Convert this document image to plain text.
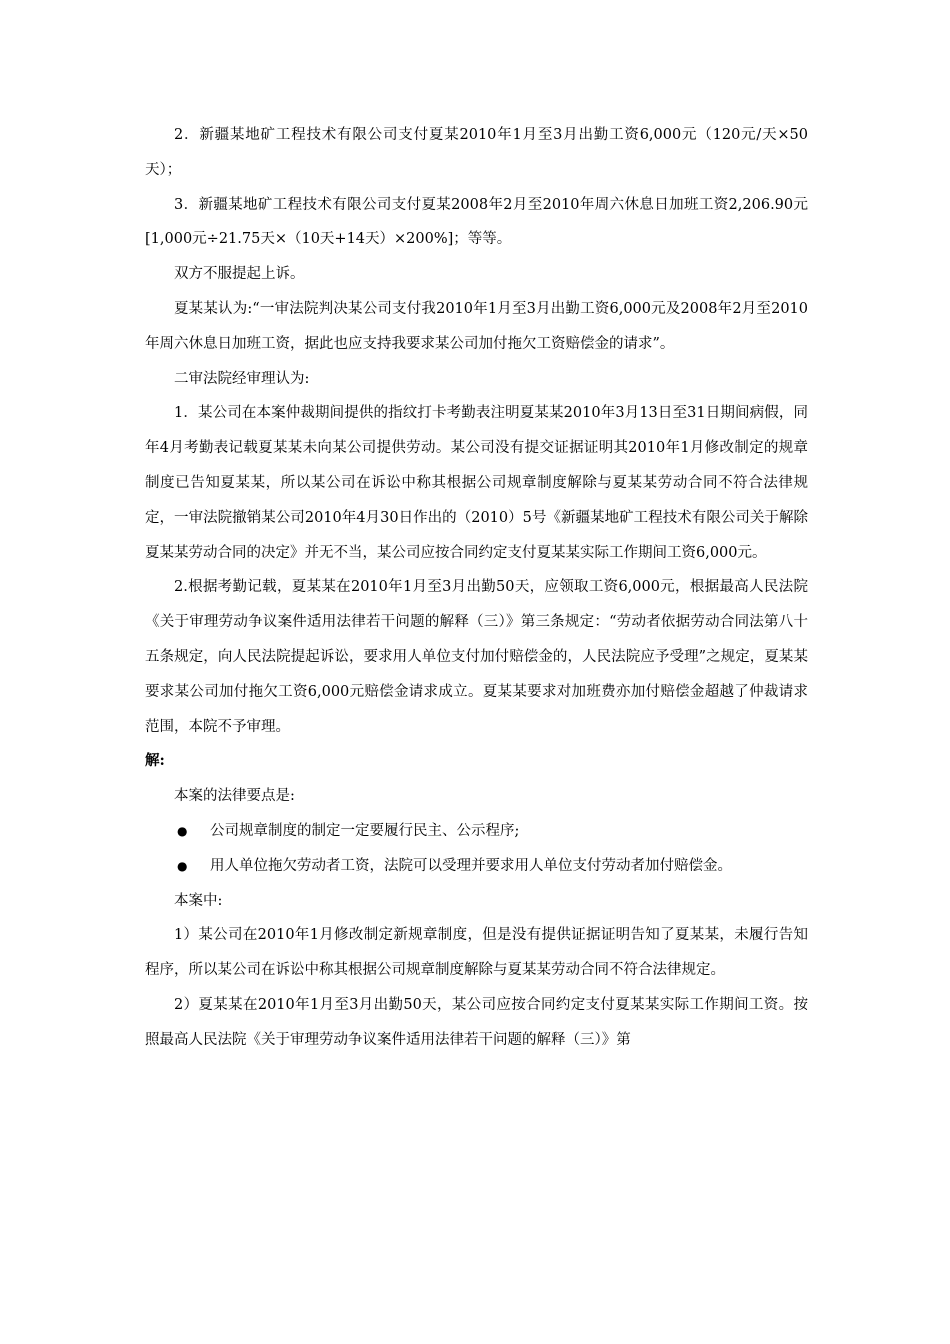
2．新疆某地矿工程技术有限公司支付夏某2010年1月至3月出勤工资6,000元（120元/天×50天）；

3．新疆某地矿工程技术有限公司支付夏某2008年2月至2010年周六休息日加班工资2,206.90元[1,000元÷21.75天×（10天+14天）×200%]；等等。

双方不服提起上诉。

夏某某认为:“一审法院判决某公司支付我2010年1月至3月出勤工资6,000元及2008年2月至2010年周六休息日加班工资，据此也应支持我要求某公司加付拖欠工资赔偿金的请求”。

二审法院经审理认为:

1．某公司在本案仲裁期间提供的指纹打卡考勤表注明夏某某2010年3月13日至31日期间病假，同年4月考勤表记载夏某某未向某公司提供劳动。某公司没有提交证据证明其2010年1月修改制定的规章制度已告知夏某某，所以某公司在诉讼中称其根据公司规章制度解除与夏某某劳动合同不符合法律规定，一审法院撤销某公司2010年4月30日作出的（2010）5号《新疆某地矿工程技术有限公司关于解除夏某某劳动合同的决定》并无不当，某公司应按合同约定支付夏某某实际工作期间工资6,000元。

2.根据考勤记载，夏某某在2010年1月至3月出勤50天，应领取工资6,000元，根据最高人民法院《关于审理劳动争议案件适用法律若干问题的解释（三）》第三条规定：“劳动者依据劳动合同法第八十五条规定，向人民法院提起诉讼，要求用人单位支付加付赔偿金的，人民法院应予受理”之规定，夏某某要求某公司加付拖欠工资6,000元赔偿金请求成立。夏某某要求对加班费亦加付赔偿金超越了仲裁请求范围，本院不予审理。

解:

本案的法律要点是:

● 公司规章制度的制定一定要履行民主、公示程序;

● 用人单位拖欠劳动者工资，法院可以受理并要求用人单位支付劳动者加付赔偿金。

本案中:

1）某公司在2010年1月修改制定新规章制度，但是没有提供证据证明告知了夏某某，未履行告知程序，所以某公司在诉讼中称其根据公司规章制度解除与夏某某劳动合同不符合法律规定。

2）夏某某在2010年1月至3月出勤50天，某公司应按合同约定支付夏某某实际工作期间工资。按照最高人民法院《关于审理劳动争议案件适用法律若干问题的解释（三）》第
